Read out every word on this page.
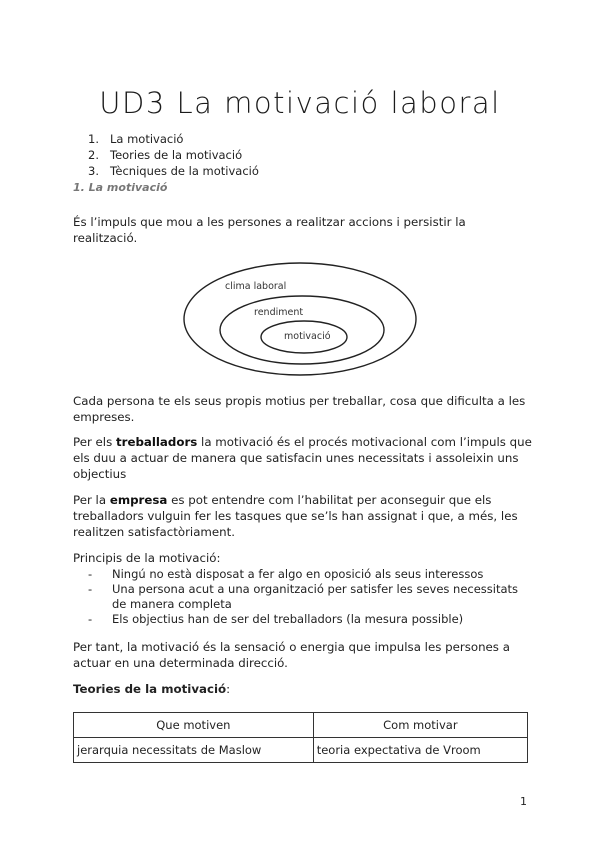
UD3 La motivació laboral
1. La motivació
2. Teories de la motivació
3. Tècniques de la motivació
1. La motivació

És l’impuls que mou a les persones a realitzar accions i persistir la realització.

clima laboral
rendiment
motivació

Cada persona te els seus propis motius per treballar, cosa que dificulta a les empreses.

Per els treballadors la motivació és el procés motivacional com l’impuls que els duu a actuar de manera que satisfacin unes necessitats i assoleixin uns objectius

Per la empresa es pot entendre com l’habilitat per aconseguir que els treballadors vulguin fer les tasques que se’ls han assignat i que, a més, les realitzen satisfactòriament.

Principis de la motivació:

-	Ningú no està disposat a fer algo en oposició als seus interessos
-	Una persona acut a una organització per satisfer les seves necessitats de manera completa
-	Els objectius han de ser del treballadors (la mesura possible)

Per tant, la motivació és la sensació o energia que impulsa les persones a actuar en una determinada direcció.

Teories de la motivació:
Que motiven	Com motivar
jerarquia necessitats de Maslow	teoria expectativa de Vroom
1
